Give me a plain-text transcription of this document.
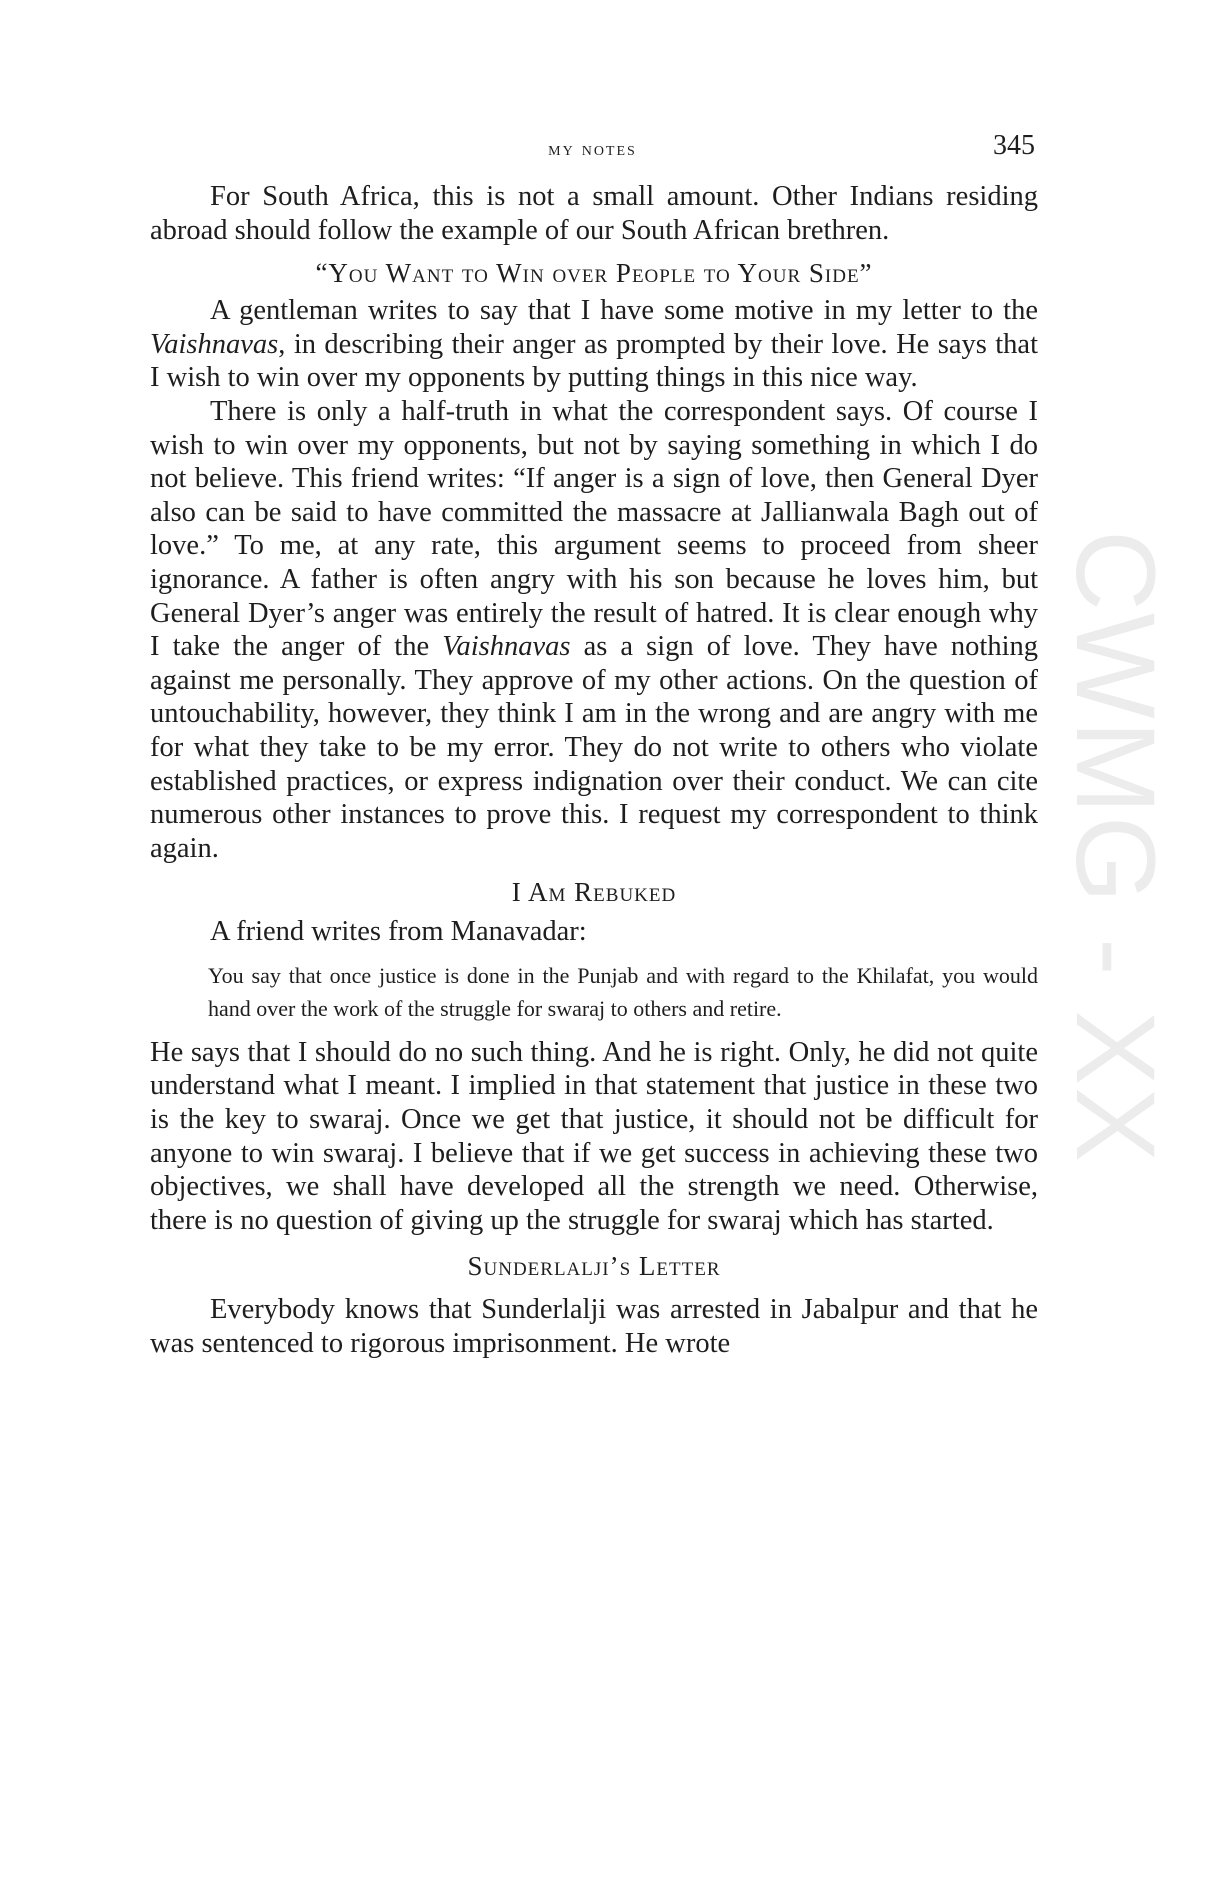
CWMG - XX
my notes	345

For South Africa, this is not a small amount. Other Indians residing abroad should follow the example of our South African brethren.

“You Want to Win over People to Your Side”

A gentleman writes to say that I have some motive in my letter to the Vaishnavas, in describing their anger as prompted by their love. He says that I wish to win over my opponents by putting things in this nice way.

There is only a half-truth in what the correspondent says. Of course I wish to win over my opponents, but not by saying something in which I do not believe. This friend writes: “If anger is a sign of love, then General Dyer also can be said to have committed the massacre at Jallianwala Bagh out of love.” To me, at any rate, this argument seems to proceed from sheer ignorance. A father is often angry with his son because he loves him, but General Dyer’s anger was entirely the result of hatred. It is clear enough why I take the anger of the Vaishnavas as a sign of love. They have nothing against me personally. They approve of my other actions. On the question of untouchability, however, they think I am in the wrong and are angry with me for what they take to be my error. They do not write to others who violate established practices, or express indignation over their conduct. We can cite numerous other instances to prove this. I request my correspondent to think again.

I Am Rebuked

A friend writes from Manavadar:

You say that once justice is done in the Punjab and with regard to the Khilafat, you would hand over the work of the struggle for swaraj to others and retire.

He says that I should do no such thing. And he is right. Only, he did not quite understand what I meant. I implied in that statement that justice in these two is the key to swaraj. Once we get that justice, it should not be difficult for anyone to win swaraj. I believe that if we get success in achieving these two objectives, we shall have developed all the strength we need. Otherwise, there is no question of giving up the struggle for swaraj which has started.

Sunderlalji’s Letter

Everybody knows that Sunderlalji was arrested in Jabalpur and that he was sentenced to rigorous imprisonment. He wrote
